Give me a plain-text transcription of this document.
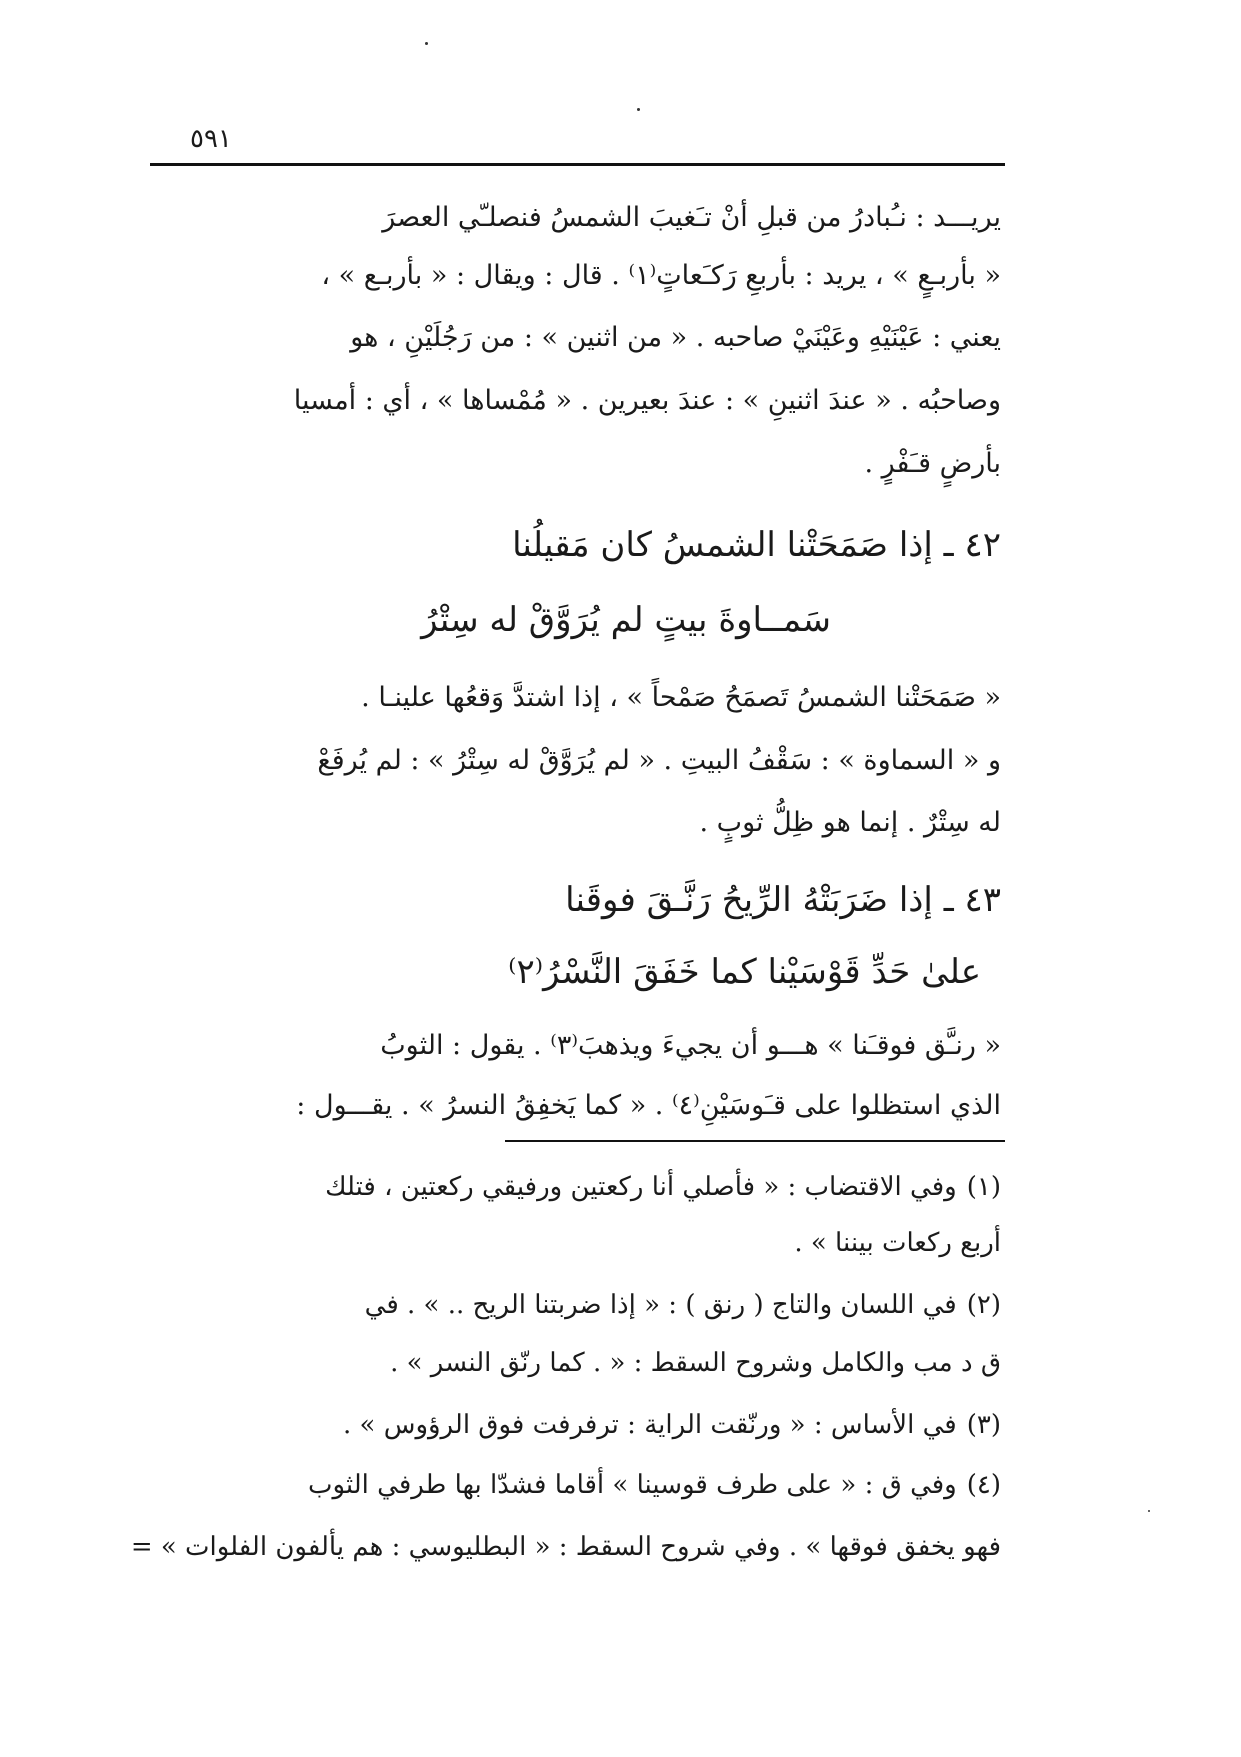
٥٩١
يريـــد : نـُبادرُ من قبلِ أنْ تـَغيبَ الشمسُ فنصلـّي العصرَ
« بأربـعٍ » ، يريد : بأربعِ رَكـَعاتٍ⁽١⁾ . قال : ويقال : « بأربـع » ،
يعني : عَيْنَيْهِ وعَيْنَيْ صاحبه . « من اثنين » : من رَجُلَيْنِ ، هو
وصاحبُه . « عندَ اثنينِ » : عندَ بعيرين . « مُمْساها » ، أي : أمسيا
بأرضٍ قـَفْرٍ .
٤٢ ـ إذا صَمَحَتْنا الشمسُ كان مَقيلُنا
سَمــاوةَ بيتٍ لم يُرَوَّقْ له سِتْرُ
« صَمَحَتْنا الشمسُ تَصمَحُ صَمْحاً » ، إذا اشتدَّ وَقعُها علينـا .
و « السماوة » : سَقْفُ البيتِ . « لم يُرَوَّقْ له سِتْرُ » : لم يُرفَعْ
له سِتْرٌ . إنما هو ظِلُّ ثوبٍ .
٤٣ ـ إذا ضَرَبَتْهُ الرِّيحُ رَنَّـقَ فوقَنا
علىٰ حَدِّ قَوْسَيْنا كما خَفَقَ النَّسْرُ⁽٢⁾
« رنـَّق فوقـَنا » هـــو أن يجيءَ ويذهبَ⁽٣⁾ . يقول : الثوبُ
الذي استظلوا على قـَوسَيْنِ⁽٤⁾ . « كما يَخفِقُ النسرُ » . يقـــول :
(١)وفي الاقتضاب : « فأصلي أنا ركعتين ورفيقي ركعتين ، فتلك
أربع ركعات بيننا » .
(٢)في اللسان والتاج ( رنق ) : « إذا ضربتنا الريح .. » . في
ق د مب والكامل وشروح السقط : « . كما رنّق النسر » .
(٣)في الأساس : « ورنّقت الراية : ترفرفت فوق الرؤوس » .
(٤)وفي ق : « على طرف قوسينا » أقاما فشدّا بها طرفي الثوب
فهو يخفق فوقها » . وفي شروح السقط : « البطليوسي : هم يألفون الفلوات » =
